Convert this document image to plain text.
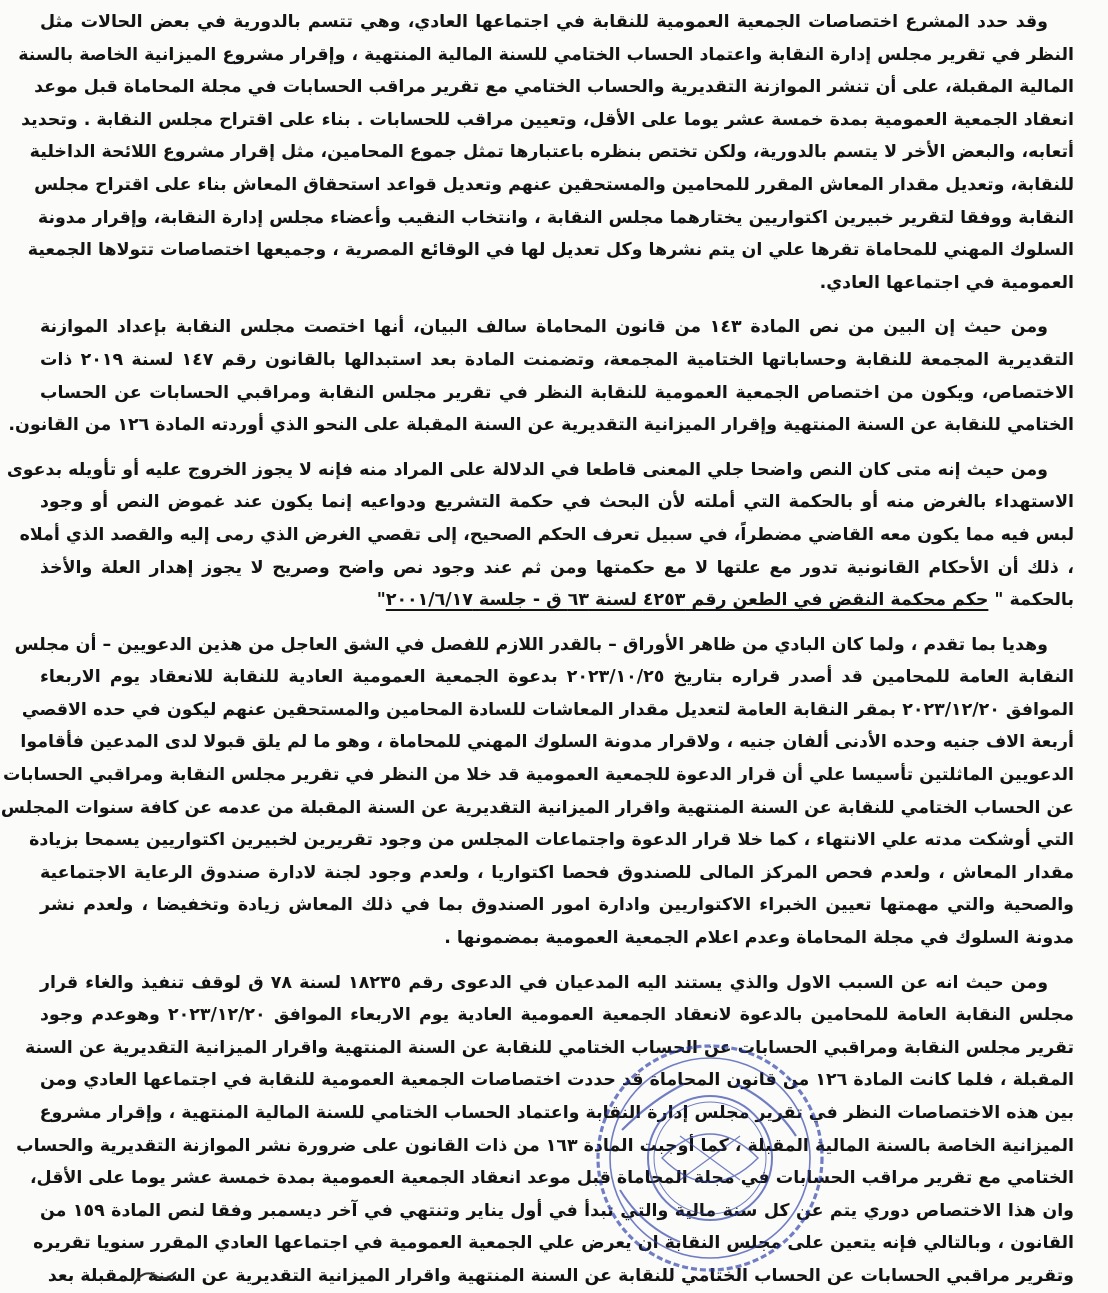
وقد حدد المشرع اختصاصات الجمعية العمومية للنقابة في اجتماعها العادي، وهي تتسم بالدورية في بعض الحالات مثل
النظر في تقرير مجلس إدارة النقابة واعتماد الحساب الختامي للسنة المالية المنتهية ، وإقرار مشروع الميزانية الخاصة بالسنة
المالية المقبلة، على أن تنشر الموازنة التقديرية والحساب الختامي مع تقرير مراقب الحسابات في مجلة المحاماة قبل موعد
انعقاد الجمعية العمومية بمدة خمسة عشر يوما على الأقل، وتعيين مراقب للحسابات . بناء على اقتراح مجلس النقابة . وتحديد
أتعابه، والبعض الأخر لا يتسم بالدورية، ولكن تختص بنظره باعتبارها تمثل جموع المحامين، مثل إقرار مشروع اللائحة الداخلية
للنقابة، وتعديل مقدار المعاش المقرر للمحامين والمستحقين عنهم وتعديل قواعد استحقاق المعاش بناء على اقتراح مجلس
النقابة ووفقا لتقرير خبيرين اكتواريين يختارهما مجلس النقابة ، وانتخاب النقيب وأعضاء مجلس إدارة النقابة، وإقرار مدونة
السلوك المهني للمحاماة تقرها علي ان يتم نشرها وكل تعديل لها في الوقائع المصرية ، وجميعها اختصاصات تتولاها الجمعية
العمومية في اجتماعها العادي.
ومن حيث إن البين من نص المادة ١٤٣ من قانون المحاماة سالف البيان، أنها اختصت مجلس النقابة بإعداد الموازنة
التقديرية المجمعة للنقابة وحساباتها الختامية المجمعة، وتضمنت المادة بعد استبدالها بالقانون رقم ١٤٧ لسنة ٢٠١٩ ذات
الاختصاص، ويكون من اختصاص الجمعية العمومية للنقابة النظر في تقرير مجلس النقابة ومراقبي الحسابات عن الحساب
الختامي للنقابة عن السنة المنتهية وإقرار الميزانية التقديرية عن السنة المقبلة على النحو الذي أوردته المادة ١٢٦ من القانون.
ومن حيث إنه متى كان النص واضحا جلي المعنى قاطعا في الدلالة على المراد منه فإنه لا يجوز الخروج عليه أو تأويله بدعوى
الاستهداء بالغرض منه أو بالحكمة التي أملته لأن البحث في حكمة التشريع ودواعيه إنما يكون عند غموض النص أو وجود
لبس فيه مما يكون معه القاضي مضطراً، في سبيل تعرف الحكم الصحيح، إلى تقصي الغرض الذي رمى إليه والقصد الذي أملاه
، ذلك أن الأحكام القانونية تدور مع علتها لا مع حكمتها ومن ثم عند وجود نص واضح وصريح لا يجوز إهدار العلة والأخذ
بالحكمة " حكم محكمة النقض في الطعن رقم ٤٢٥٣ لسنة ٦٣ ق - جلسة ٢٠٠١/٦/١٧"
وهديا بما تقدم ، ولما كان البادي من ظاهر الأوراق – بالقدر اللازم للفصل في الشق العاجل من هذين الدعويين – أن مجلس
النقابة العامة للمحامين قد أصدر قراره بتاريخ ٢٠٢٣/١٠/٢٥ بدعوة الجمعية العمومية العادية للنقابة للانعقاد يوم الاربعاء
الموافق ٢٠٢٣/١٢/٢٠ بمقر النقابة العامة لتعديل مقدار المعاشات للسادة المحامين والمستحقين عنهم ليكون في حده الاقصي
أربعة الاف جنيه وحده الأدنى ألفان جنيه ، ولاقرار مدونة السلوك المهني للمحاماة ، وهو ما لم يلق قبولا لدى المدعين فأقاموا
الدعويين الماثلتين تأسيسا علي أن قرار الدعوة للجمعية العمومية قد خلا من النظر في تقرير مجلس النقابة ومراقبي الحسابات
عن الحساب الختامي للنقابة عن السنة المنتهية واقرار الميزانية التقديرية عن السنة المقبلة من عدمه عن كافة سنوات المجلس
التي أوشكت مدته علي الانتهاء ، كما خلا قرار الدعوة واجتماعات المجلس من وجود تقريرين لخبيرين اكتواريين يسمحا بزيادة
مقدار المعاش ، ولعدم فحص المركز المالى للصندوق فحصا اكتواريا ، ولعدم وجود لجنة لادارة صندوق الرعاية الاجتماعية
والصحية والتي مهمتها تعيين الخبراء الاكتواريين وادارة امور الصندوق بما في ذلك المعاش زيادة وتخفيضا ، ولعدم نشر
مدونة السلوك في مجلة المحاماة وعدم اعلام الجمعية العمومية بمضمونها .
ومن حيث انه عن السبب الاول والذي يستند اليه المدعيان في الدعوى رقم ١٨٢٣٥ لسنة ٧٨ ق لوقف تنفيذ والغاء قرار
مجلس النقابة العامة للمحامين بالدعوة لانعقاد الجمعية العمومية العادية يوم الاربعاء الموافق ٢٠٢٣/١٢/٢٠ وهوعدم وجود
تقرير مجلس النقابة ومراقبي الحسابات عن الحساب الختامي للنقابة عن السنة المنتهية واقرار الميزانية التقديرية عن السنة
المقبلة ، فلما كانت المادة ١٢٦ من قانون المحاماة قد حددت اختصاصات الجمعية العمومية للنقابة في اجتماعها العادي ومن
بين هذه الاختصاصات النظر في تقرير مجلس إدارة النقابة واعتماد الحساب الختامي للسنة المالية المنتهية ، وإقرار مشروع
الميزانية الخاصة بالسنة المالية المقبلة ، كما أوجبت المادة ١٦٣ من ذات القانون على ضرورة نشر الموازنة التقديرية والحساب
الختامي مع تقرير مراقب الحسابات في مجلة المحاماة قبل موعد انعقاد الجمعية العمومية بمدة خمسة عشر يوما على الأقل،
وان هذا الاختصاص دوري يتم عن كل سنة مالية والتي تبدأ في أول يناير وتنتهي في آخر ديسمبر وفقا لنص المادة ١٥٩ من
القانون ، وبالتالي فإنه يتعين على مجلس النقابة ان يعرض علي الجمعية العمومية في اجتماعها العادي المقرر سنويا تقريره
وتقرير مراقبي الحسابات عن الحساب الختامي للنقابة عن السنة المنتهية واقرار الميزانية التقديرية عن السنة المقبلة بعد
